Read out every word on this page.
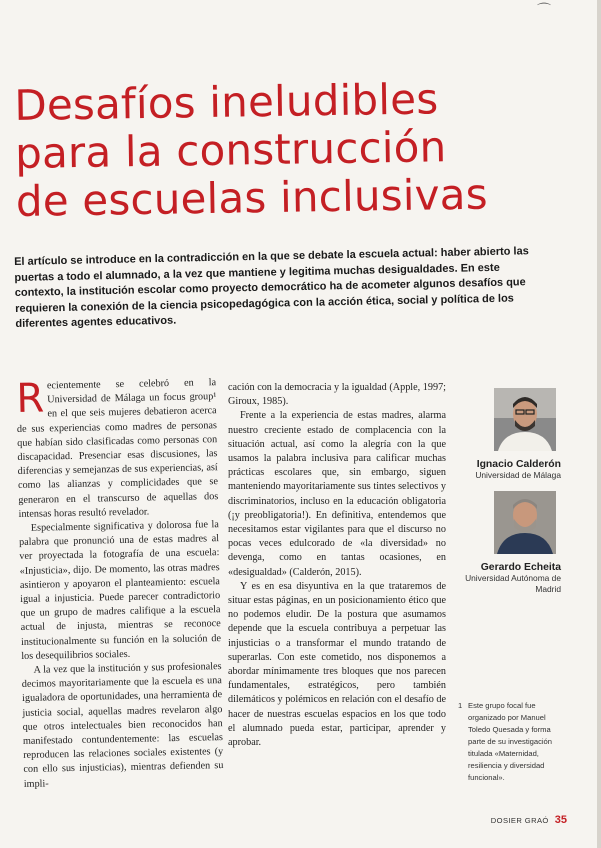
⌒
Desafíos ineludibles
para la construcción
de escuelas inclusivas

El artículo se introduce en la contradicción en la que se debate la escuela actual: haber abierto las puertas a todo el alumnado, a la vez que mantiene y legitima muchas desigualdades. En este contexto, la institución escolar como proyecto democrático ha de acometer algunos desafíos que requieren la conexión de la ciencia psicopedagógica con la acción ética, social y política de los diferentes agentes educativos.

Recientemente se celebró en la Universidad de Málaga un focus group¹ en el que seis mujeres debatieron acerca de sus experiencias como madres de personas que habían sido clasificadas como personas con discapacidad. Presenciar esas discusiones, las diferencias y semejanzas de sus experiencias, así como las alianzas y complicidades que se generaron en el transcurso de aquellas dos intensas horas resultó revelador.

Especialmente significativa y dolorosa fue la palabra que pronunció una de estas madres al ver proyectada la fotografía de una escuela: «Injusticia», dijo. De momento, las otras madres asintieron y apoyaron el planteamiento: escuela igual a injusticia. Puede parecer contradictorio que un grupo de madres califique a la escuela actual de injusta, mientras se reconoce institucionalmente su función en la solución de los desequilibrios sociales.

A la vez que la institución y sus profesionales decimos mayoritariamente que la escuela es una igualadora de oportunidades, una herramienta de justicia social, aquellas madres revelaron algo que otros intelectuales bien reconocidos han manifestado contundentemente: las escuelas reproducen las relaciones sociales existentes (y con ello sus injusticias), mientras defienden su impli-

cación con la democracia y la igualdad (Apple, 1997; Giroux, 1985).

Frente a la experiencia de estas madres, alarma nuestro creciente estado de complacencia con la situación actual, así como la alegría con la que usamos la palabra inclusiva para calificar muchas prácticas escolares que, sin embargo, siguen manteniendo mayoritariamente sus tintes selectivos y discriminatorios, incluso en la educación obligatoria (¡y preobligatoria!). En definitiva, entendemos que necesitamos estar vigilantes para que el discurso no pocas veces edulcorado de «la diversidad» no devenga, como en tantas ocasiones, en «desigualdad» (Calderón, 2015).

Y es en esa disyuntiva en la que trataremos de situar estas páginas, en un posicionamiento ético que no podemos eludir. De la postura que asumamos depende que la escuela contribuya a perpetuar las injusticias o a transformar el mundo tratando de superarlas. Con este cometido, nos disponemos a abordar mínimamente tres bloques que nos parecen fundamentales, estratégicos, pero también dilemáticos y polémicos en relación con el desafío de hacer de nuestras escuelas espacios en los que todo el alumnado pueda estar, participar, aprender y aprobar.

Ignacio Calderón
Universidad de Málaga
Gerardo Echeita
Universidad Autónoma de Madrid
1 Este grupo focal fue organizado por Manuel Toledo Quesada y forma parte de su investigación titulada «Maternidad, resiliencia y diversidad funcional».
DOSIER GRAÓ 35
